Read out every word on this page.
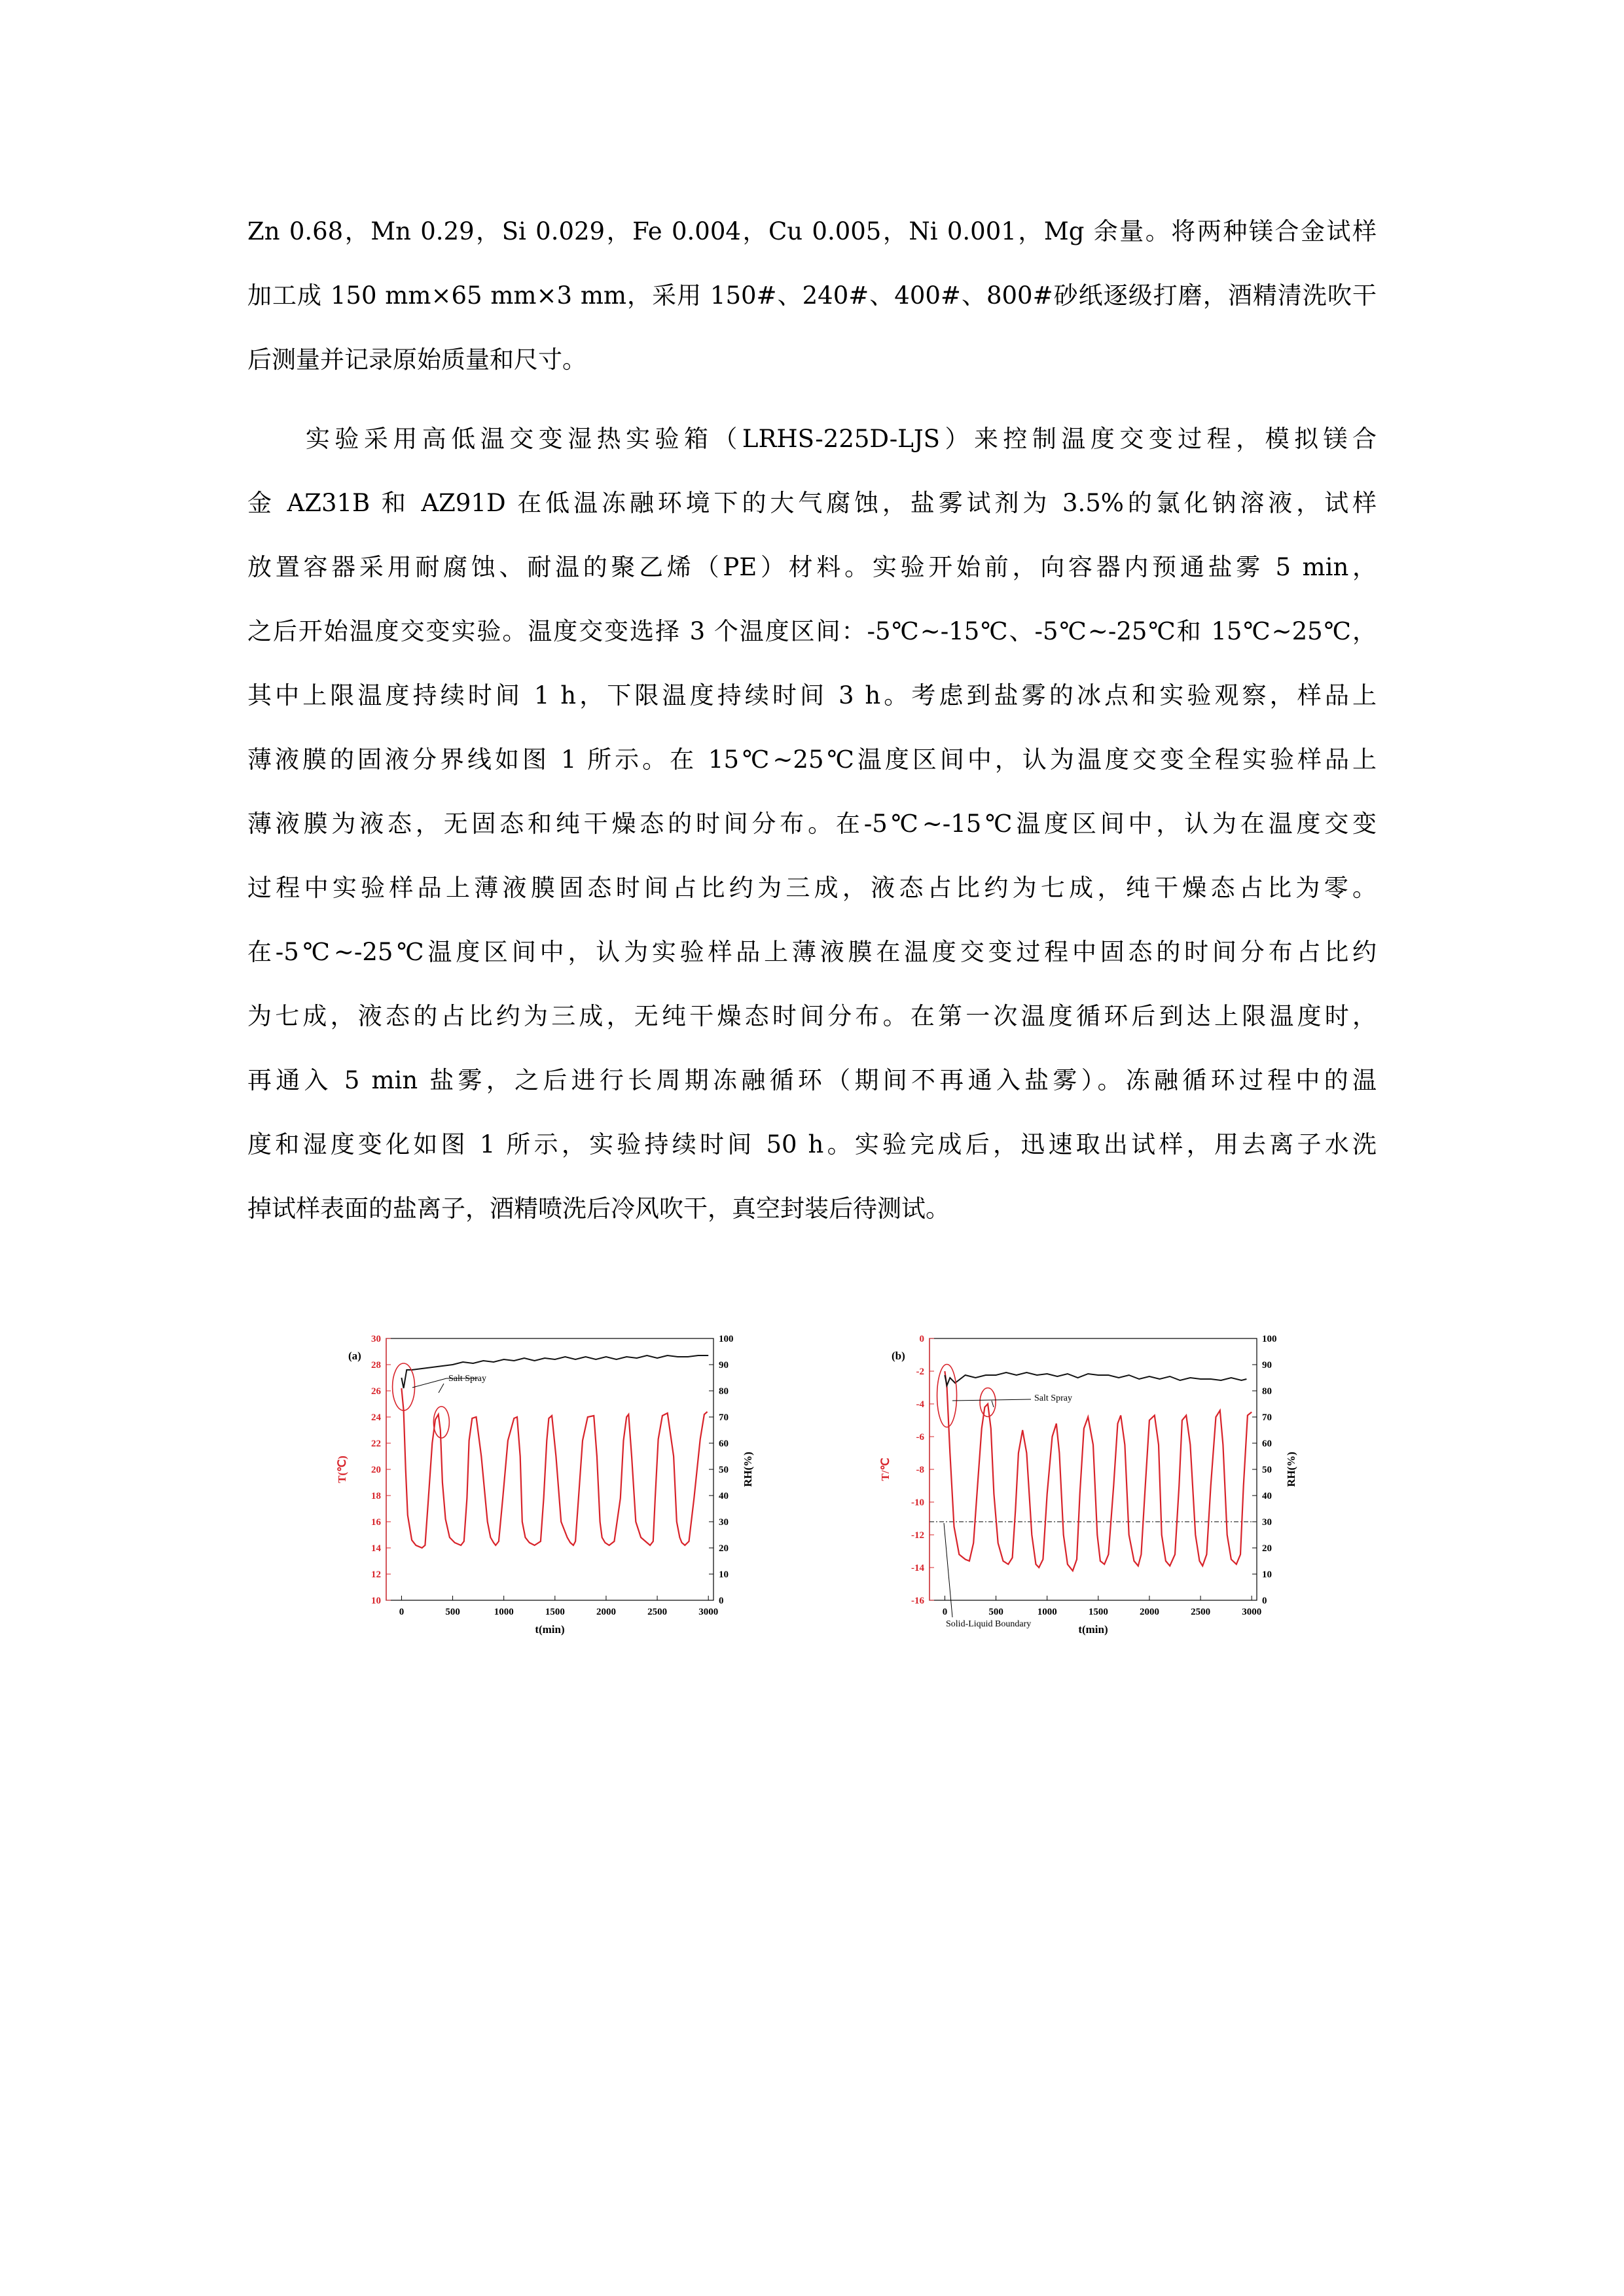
Zn 0.68，Mn 0.29，Si 0.029，Fe 0.004，Cu 0.005，Ni 0.001，Mg 余量。将两种镁合金试样
加工成 150 mm×65 mm×3 mm，采用 150#、240#、400#、800#砂纸逐级打磨，酒精清洗吹干
后测量并记录原始质量和尺寸。
　　实验采用高低温交变湿热实验箱（LRHS-225D-LJS）来控制温度交变过程，模拟镁合
金 AZ31B 和 AZ91D 在低温冻融环境下的大气腐蚀，盐雾试剂为 3.5%的氯化钠溶液，试样
放置容器采用耐腐蚀、耐温的聚乙烯（PE）材料。实验开始前，向容器内预通盐雾 5 min，
之后开始温度交变实验。温度交变选择 3 个温度区间：-5℃~-15℃、-5℃~-25℃和 15℃~25℃，
其中上限温度持续时间 1 h，下限温度持续时间 3 h。考虑到盐雾的冰点和实验观察，样品上
薄液膜的固液分界线如图 1 所示。在 15℃~25℃温度区间中，认为温度交变全程实验样品上
薄液膜为液态，无固态和纯干燥态的时间分布。在-5℃~-15℃温度区间中，认为在温度交变
过程中实验样品上薄液膜固态时间占比约为三成，液态占比约为七成，纯干燥态占比为零。
在-5℃~-25℃温度区间中，认为实验样品上薄液膜在温度交变过程中固态的时间分布占比约
为七成，液态的占比约为三成，无纯干燥态时间分布。在第一次温度循环后到达上限温度时，
再通入 5 min 盐雾，之后进行长周期冻融循环（期间不再通入盐雾）。冻融循环过程中的温
度和湿度变化如图 1 所示，实验持续时间 50 h。实验完成后，迅速取出试样，用去离子水洗
掉试样表面的盐离子，酒精喷洗后冷风吹干，真空封装后待测试。
(a)
0	500	1000	1500	2000	2500	3000
10
12
14
16
18
20
22
24
26
28
30
0
10
20
30
40
50
60
70
80
90
100
t(min)
T(℃)	RH(%)
Salt Spray
(b)
0	500	1000	1500	2000	2500	3000
-16
-14
-12
-10
-8
-6
-4
-2
0
0
10
20
30
40
50
60
70
80
90
100
t(min)
T/℃	RH(%)
Solid-Liquid Boundary
Salt Spray
